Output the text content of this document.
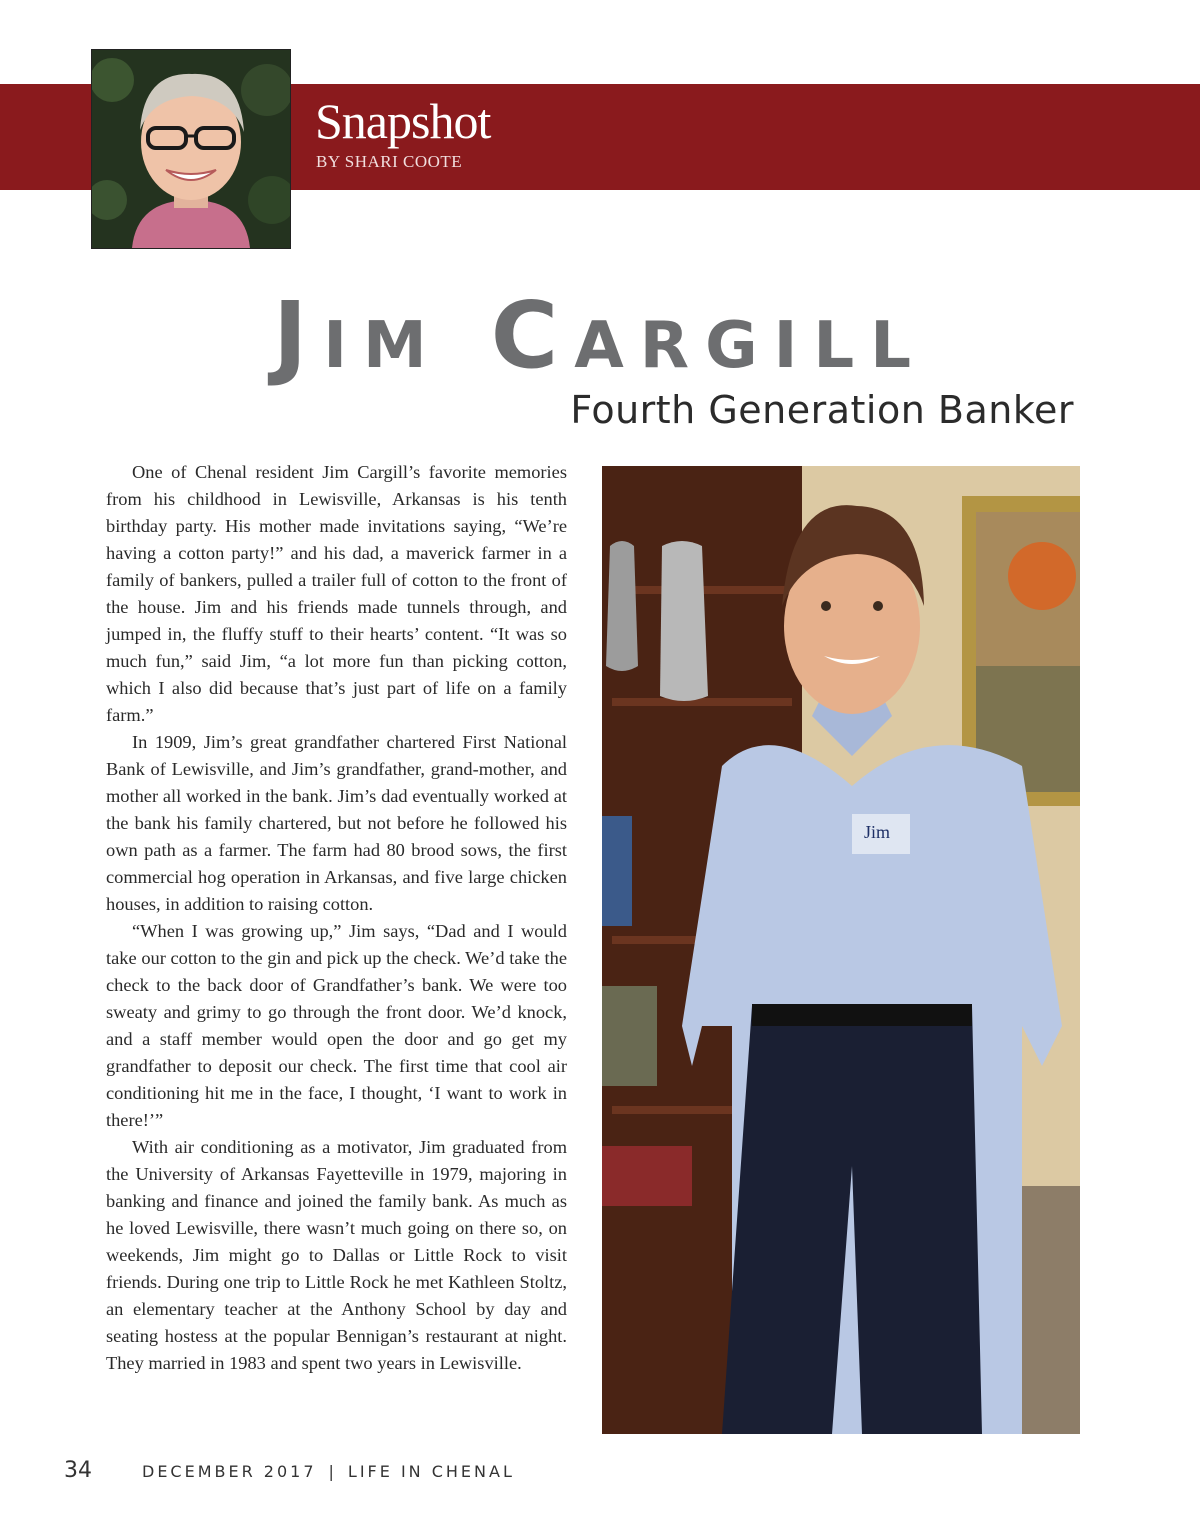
Snapshot
BY SHARI COOTE
Jim Cargill
Fourth Generation Banker

One of Chenal resident Jim Cargill’s favorite memories from his childhood in Lewisville, Arkansas is his tenth birthday party. His mother made invitations saying, “We’re having a cotton party!” and his dad, a maverick farmer in a family of bankers, pulled a trailer full of cotton to the front of the house. Jim and his friends made tunnels through, and jumped in, the fluffy stuff to their hearts’ content. “It was so much fun,” said Jim, “a lot more fun than picking cotton, which I also did because that’s just part of life on a family farm.”

In 1909, Jim’s great grandfather chartered First National Bank of Lewisville, and Jim’s grandfather, grand-mother, and mother all worked in the bank. Jim’s dad eventually worked at the bank his family chartered, but not before he followed his own path as a farmer. The farm had 80 brood sows, the first commercial hog operation in Arkansas, and five large chicken houses, in addition to raising cotton.

“When I was growing up,” Jim says, “Dad and I would take our cotton to the gin and pick up the check. We’d take the check to the back door of Grandfather’s bank. We were too sweaty and grimy to go through the front door. We’d knock, and a staff member would open the door and go get my grandfather to deposit our check. The first time that cool air conditioning hit me in the face, I thought, ‘I want to work in there!’”

With air conditioning as a motivator, Jim graduated from the University of Arkansas Fayetteville in 1979, majoring in banking and finance and joined the family bank. As much as he loved Lewisville, there wasn’t much going on there so, on weekends, Jim might go to Dallas or Little Rock to visit friends. During one trip to Little Rock he met Kathleen Stoltz, an elementary teacher at the Anthony School by day and seating hostess at the popular Bennigan’s restaurant at night. They married in 1983 and spent two years in Lewisville.

Jim
34	DECEMBER 2017 | LIFE IN CHENAL
